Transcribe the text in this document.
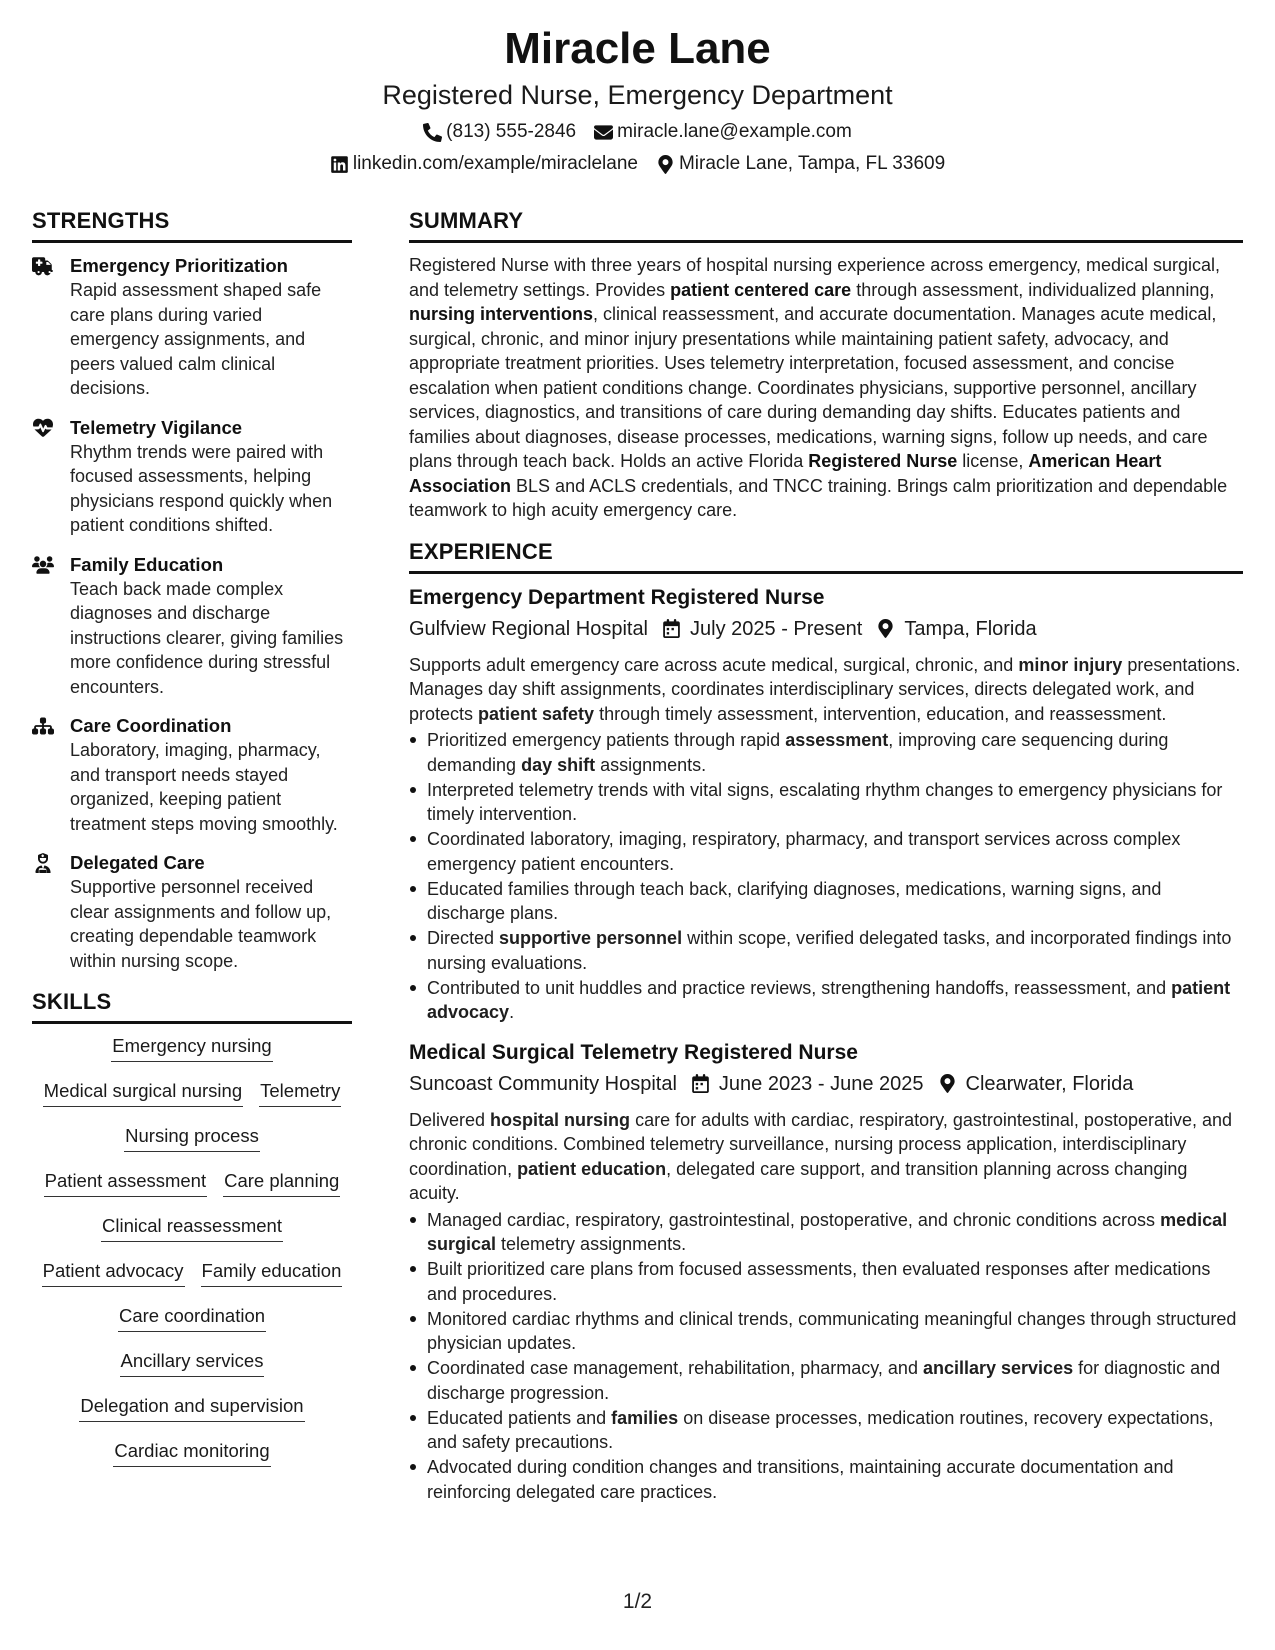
Miracle Lane
Registered Nurse, Emergency Department
(813) 555-2846 miracle.lane@example.com
linkedin.com/example/miraclelane Miracle Lane, Tampa, FL 33609
STRENGTHS
Emergency Prioritization
Rapid assessment shaped safe care plans during varied emergency assignments, and peers valued calm clinical decisions.
Telemetry Vigilance
Rhythm trends were paired with focused assessments, helping physicians respond quickly when patient conditions shifted.
Family Education
Teach back made complex diagnoses and discharge instructions clearer, giving families more confidence during stressful encounters.
Care Coordination
Laboratory, imaging, pharmacy, and transport needs stayed organized, keeping patient treatment steps moving smoothly.
Delegated Care
Supportive personnel received clear assignments and follow up, creating dependable teamwork within nursing scope.
SKILLS
Emergency nursing
Medical surgical nursing Telemetry
Nursing process
Patient assessment Care planning
Clinical reassessment
Patient advocacy Family education
Care coordination
Ancillary services
Delegation and supervision
Cardiac monitoring
SUMMARY
Registered Nurse with three years of hospital nursing experience across emergency, medical surgical, and telemetry settings. Provides patient centered care through assessment, individualized planning, nursing interventions, clinical reassessment, and accurate documentation. Manages acute medical, surgical, chronic, and minor injury presentations while maintaining patient safety, advocacy, and appropriate treatment priorities. Uses telemetry interpretation, focused assessment, and concise escalation when patient conditions change. Coordinates physicians, supportive personnel, ancillary services, diagnostics, and transitions of care during demanding day shifts. Educates patients and families about diagnoses, disease processes, medications, warning signs, follow up needs, and care plans through teach back. Holds an active Florida Registered Nurse license, American Heart Association BLS and ACLS credentials, and TNCC training. Brings calm prioritization and dependable teamwork to high acuity emergency care.
EXPERIENCE
Emergency Department Registered Nurse
Gulfview Regional Hospital July 2025 - Present Tampa, Florida
Supports adult emergency care across acute medical, surgical, chronic, and minor injury presentations. Manages day shift assignments, coordinates interdisciplinary services, directs delegated work, and protects patient safety through timely assessment, intervention, education, and reassessment.
Prioritized emergency patients through rapid assessment, improving care sequencing during demanding day shift assignments.
Interpreted telemetry trends with vital signs, escalating rhythm changes to emergency physicians for timely intervention.
Coordinated laboratory, imaging, respiratory, pharmacy, and transport services across complex emergency patient encounters.
Educated families through teach back, clarifying diagnoses, medications, warning signs, and discharge plans.
Directed supportive personnel within scope, verified delegated tasks, and incorporated findings into nursing evaluations.
Contributed to unit huddles and practice reviews, strengthening handoffs, reassessment, and patient advocacy.
Medical Surgical Telemetry Registered Nurse
Suncoast Community Hospital June 2023 - June 2025 Clearwater, Florida
Delivered hospital nursing care for adults with cardiac, respiratory, gastrointestinal, postoperative, and chronic conditions. Combined telemetry surveillance, nursing process application, interdisciplinary coordination, patient education, delegated care support, and transition planning across changing acuity.
Managed cardiac, respiratory, gastrointestinal, postoperative, and chronic conditions across medical surgical telemetry assignments.
Built prioritized care plans from focused assessments, then evaluated responses after medications and procedures.
Monitored cardiac rhythms and clinical trends, communicating meaningful changes through structured physician updates.
Coordinated case management, rehabilitation, pharmacy, and ancillary services for diagnostic and discharge progression.
Educated patients and families on disease processes, medication routines, recovery expectations, and safety precautions.
Advocated during condition changes and transitions, maintaining accurate documentation and reinforcing delegated care practices.
1/2
